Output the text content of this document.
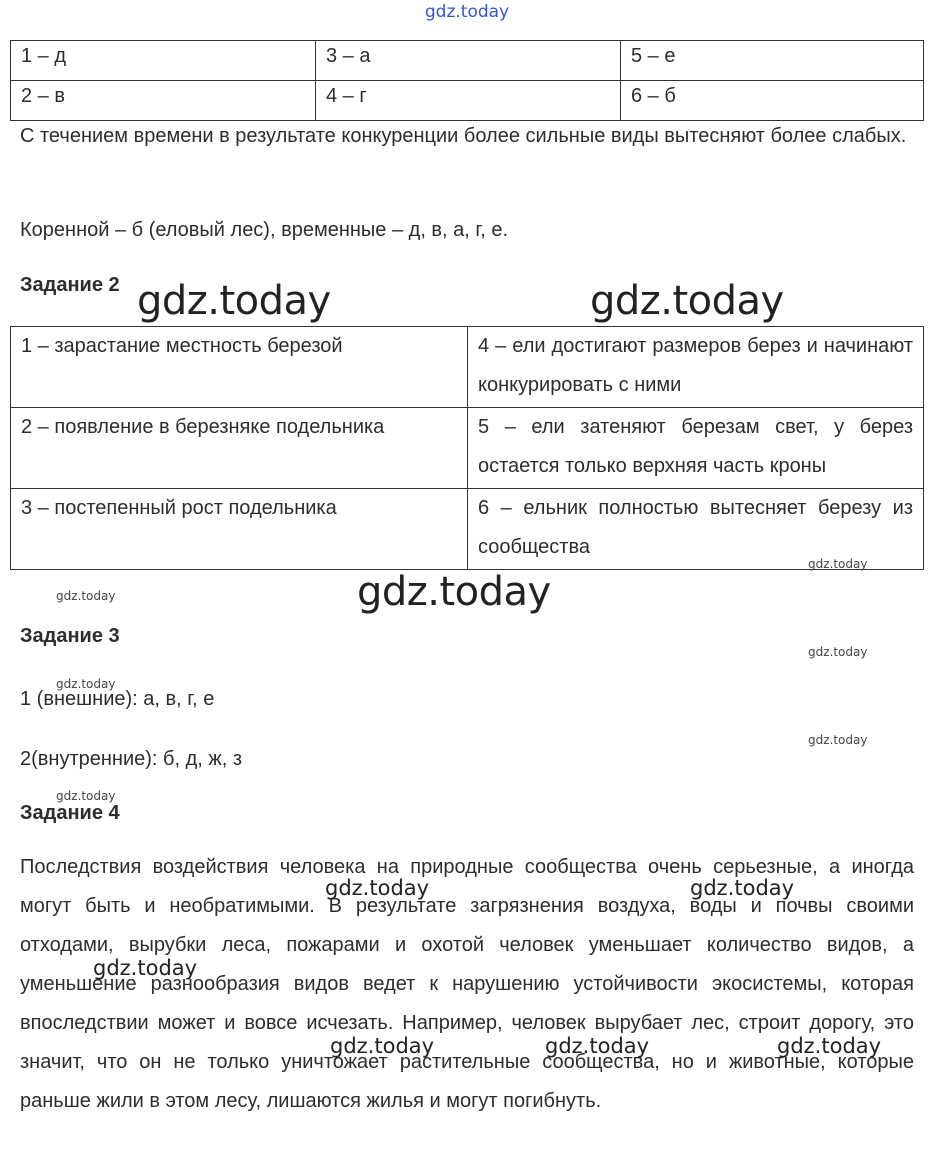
gdz.today
1 – д	3 – а	5 – е
2 – в	4 – г	6 – б
С течением времени в результате конкуренции более сильные виды вытесняют более слабых.
Коренной – б (еловый лес), временные – д, в, а, г, е.
Задание 2 gdz.today	gdz.today
1 – зарастание местность березой	4 – ели достигают размеров берез и начинают конкурировать с ними
2 – появление в березняке подельника	5 – ели затеняют березам свет, у берез остается только верхняя часть кроны
3 – постепенный рост подельника	6 – ельник полностью вытесняет березу из сообщества
gdz.today
gdz.today	gdz.today
Задание 3
gdz.today
gdz.today
1 (внешние): а, в, г, е
gdz.today
2(внутренние): б, д, ж, з
gdz.today
Задание 4
Последствия воздействия человека на природные сообщества очень серьезные, а иногда могут быть и необратимыми. В результате загрязнения воздуха, воды и почвы своими отходами, вырубки леса, пожарами и охотой человек уменьшает количество видов, а уменьшение разнообразия видов ведет к нарушению устойчивости экосистемы, которая впоследствии может и вовсе исчезать. Например, человек вырубает лес, строит дорогу, это значит, что он не только уничтожает растительные сообщества, но и животные, которые раньше жили в этом лесу, лишаются жилья и могут погибнуть.
gdz.today	gdz.today
gdz.today
gdz.today	gdz.today	gdz.today
